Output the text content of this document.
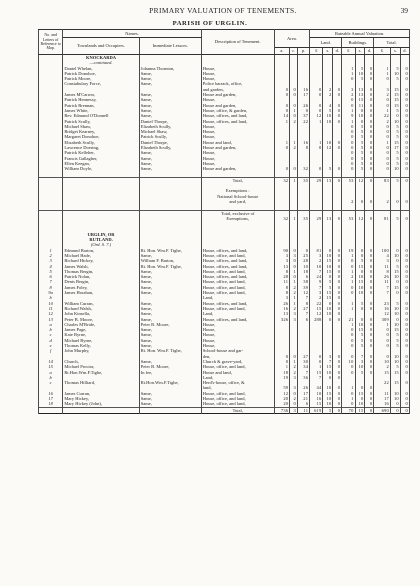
PRIMARY VALUATION OF TENEMENTS.	39
PARISH OF URGLIN.
No. and Letters of Reference to Map.	Names.		Description of Tenement.	Area.			Rateable Annual Valuation.								
	Townlands and Occupiers.	Immediate Lessors.					Land.			Buildings.			Total.		
				a.	r.	p.	£	s.	d.	£	s.	d.	£	s.	d.
	KNOCKARDA														
	—continued.														
	Daniel Whelan,	Johanna Thornton,	House,							1	5	0	1	5	0
	Patrick Donohoe,	Same,	House,							1	10	0	1	10	0
	Patrick Moore,	Same,	House,							0	5	0	0	5	0
	Constabulary Force,	Same,	Police barrack, office,												
			and garden,	0	0	16	0	2	0	3	13	0	3	15	0
	James M'Carron,	Same,	House and garden,	0	0	17	0	2	0	2	13	0	2	15	0
	Patrick Hennessy,	Same,	House,							0	15	0	0	15	0
	Patrick Brennan,	Same,	House and garden,	0	0	26	0	4	0	0	11	0	0	15	0
	James White,	Same,	House, office, & garden,	0	1	0	0	5	0	1	0	0	1	5	0
	Rev. Edmund O'Donnell	Same,	House, offices, and land,	14	0	37	12	10	0	9	10	0	22	0	0
	Patrick Scully,	Daniel Thorpe,	House, offices, and land,	1	2	22	1	10	0	1	0	0	2	10	0
	Michael Shaw,	Elizabeth Scully,	House,							0	5	0	0	5	0
	Bridget Kearney,	Michael Shaw,	House,							0	5	0	0	5	0
	Margaret Donohoe,	Patrick Scully,	House,							0	5	0	0	5	0
	Elizabeth Scully,	Daniel Thorpe,	House and land,	1	1	16	1	10	0	0	5	0	1	15	0
	Lawrence Doering,	Elizabeth Scully,	House and garden,	0	2	8	0	12	0	0	5	0	0	17	0
	Patrick Kelleher,	Same,	House,							0	5	0	0	5	0
	Francis Gallagher,	Same,	House,							0	5	0	0	5	0
	Ellen Keegan,	Same,	House,							0	5	0	0	5	0
	William Doyle,	Same,	House and garden,	0	0	32	0	5	0	0	5	0	0	10	0

			Total,	32	1	35	29	13	0	53	12	0	83	5	0

			Exemptions :												
			National School-house												
			and yard,							2	0	0	2	0	0

			Total, exclusive of												
			Exemptions,	32	1	35	29	13	0	53	12	0	81	5	0

	URGLIN, OR														
	RUTLAND.														
	(Ord. S. 7.)														
1	Edmund Barton,	Rt. Hon. Wm.F. Tighe,	House, offices, and land,	90	0	0	81	0	0	19	0	0	100	0	0
2	Michael Hade,	Same,	House, office, and land,	3	3	25	3	10	0	1	0	0	4	10	0
3	Richard Hickey,	William F. Barton,	House, offices, and land,	3	0	28	2	15	0	0	5	0	3	0	0
4	James Walsh,	Rt. Hon. Wm.F. Tighe,	House, offices, and land,	13	0	10	10	10	0	0	15	0	11	5	0
5	Thomas Bergin,	Same,	House, office, and land,	8	1	18	7	15	0	1	0	0	8	15	0
6	Patrick Nolan,	Same,	House, offices, and land,	28	0	6	24	0	0	2	10	0	26	10	0
7	Denis Bergin,	Same,	House, office, and land,	11	1	38	9	5	0	1	15	0	11	0	0
8	James Foley,	Same,	House, office, and land,	8	2	39	7	5	0	0	10	0	7	15	0
9a	James Horahan,	Same,	House, office, and land,	8	2	12	3	15	0	0	10	0	7	0	0
b			Land,	3	1	7	2	15	0						
10	William Curran,	Same,	House, offices, and land,	26	1	8	22	0	0	1	5	0	23	5	0
11	Richard Walsh,	Same,	House, office, and land,	16	2	27	15	10	0	1	0	0	16	10	0
12	John Kinsella,	Same,	Land,	13	3	7	12	10	0				12	10	0
13	Peter B. Moore,	Same,	House, offices, and land,	326	3	6	288	0	0	21	0	0	309	0	0
a	Charles M'Bride,	Peter B. Moore,	House,							1	10	0	1	10	0
b	James Page,	Same,	House,							0	15	0	0	15	0
c	Kate Byrne,	Same,	House,							0	5	0	0	5	0
d	Michael Byrne,	Same,	House,							0	5	0	0	5	0
e	Thomas Kelly,	Same,	House,							0	5	0	0	5	0
f	John Murphy,	Rt. Hon. Wm.F. Tighe,	School-house and gar-												
			den,	0	0	27	0	3	0	0	7	0	0	10	0
14	Church,	Same,	Church & grave-yard,	0	1	30	0	7	0	10	3	0	10	10	0
15	Michael Proctor,	Peter B. Moore,	House, office, and land,	1	2	34	1	15	0	0	10	0	2	5	0
a	Rt.Hon.Wm.F.Tighe,	In fee,	House and land,	18	2	7	15	10	0	0	5	0	15	15	0
b			Land,	19	3	36	7	0	0						
c	Thomas Hilliard,	Rt.Hon.Wm.F.Tighe,	Herd's-house, office, &										22	15	0
			land,	59	3	26	44	10	0	1	0	0			
16	James Curran,	Same,	House, office, and land,	12	0	17	10	15	0	0	15	0	11	10	0
17	Mary Hickey,	Same,	House, office, and land,	20	2	21	16	10	0	1	0	0	17	10	0
18	Mary Hickey (John),	Same,	House, office, and land,	20	0	6	15	10	0	0	10	0	16	0	0
			Total,	736	3	11	619	5	0	70	15	0	690	0	0
